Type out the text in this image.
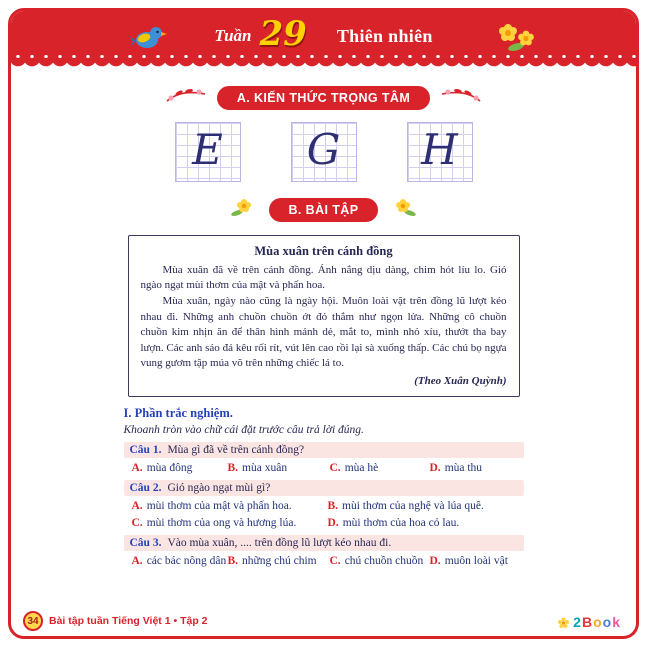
Tuần 29 Thiên nhiên
A. KIẾN THỨC TRỌNG TÂM
E G H
B. BÀI TẬP
Mùa xuân trên cánh đồng

Mùa xuân đã về trên cánh đồng. Ánh nắng dịu dàng, chim hót líu lo. Gió ngào ngạt mùi thơm của mật và phấn hoa.

Mùa xuân, ngày nào cũng là ngày hội. Muôn loài vật trên đồng lũ lượt kéo nhau đi. Những anh chuồn chuồn ớt đỏ thắm như ngọn lửa. Những cô chuồn chuồn kim nhịn ăn để thân hình mảnh dẻ, mắt to, mình nhỏ xíu, thướt tha bay lượn. Các anh sáo đá kêu rối rít, vút lên cao rồi lại sà xuống thấp. Các chú bọ ngựa vung gươm tập múa võ trên những chiếc lá to.

(Theo Xuân Quỳnh)
I. Phần trắc nghiệm.
Khoanh tròn vào chữ cái đặt trước câu trả lời đúng.
Câu 1. Mùa gì đã về trên cánh đồng?
A. mùa đông	B. mùa xuân	C. mùa hè	D. mùa thu
Câu 2. Gió ngào ngạt mùi gì?
A. mùi thơm của mật và phấn hoa.	B. mùi thơm của nghệ và lúa quê.
C. mùi thơm của ong và hương lúa.	D. mùi thơm của hoa cỏ lau.
Câu 3. Vào mùa xuân, .... trên đồng lũ lượt kéo nhau đi.
A. các bác nông dân B. những chú chim	C. chú chuồn chuồn D. muôn loài vật
34 Bài tập tuần Tiếng Việt 1 • Tập 2	2 B o o k
